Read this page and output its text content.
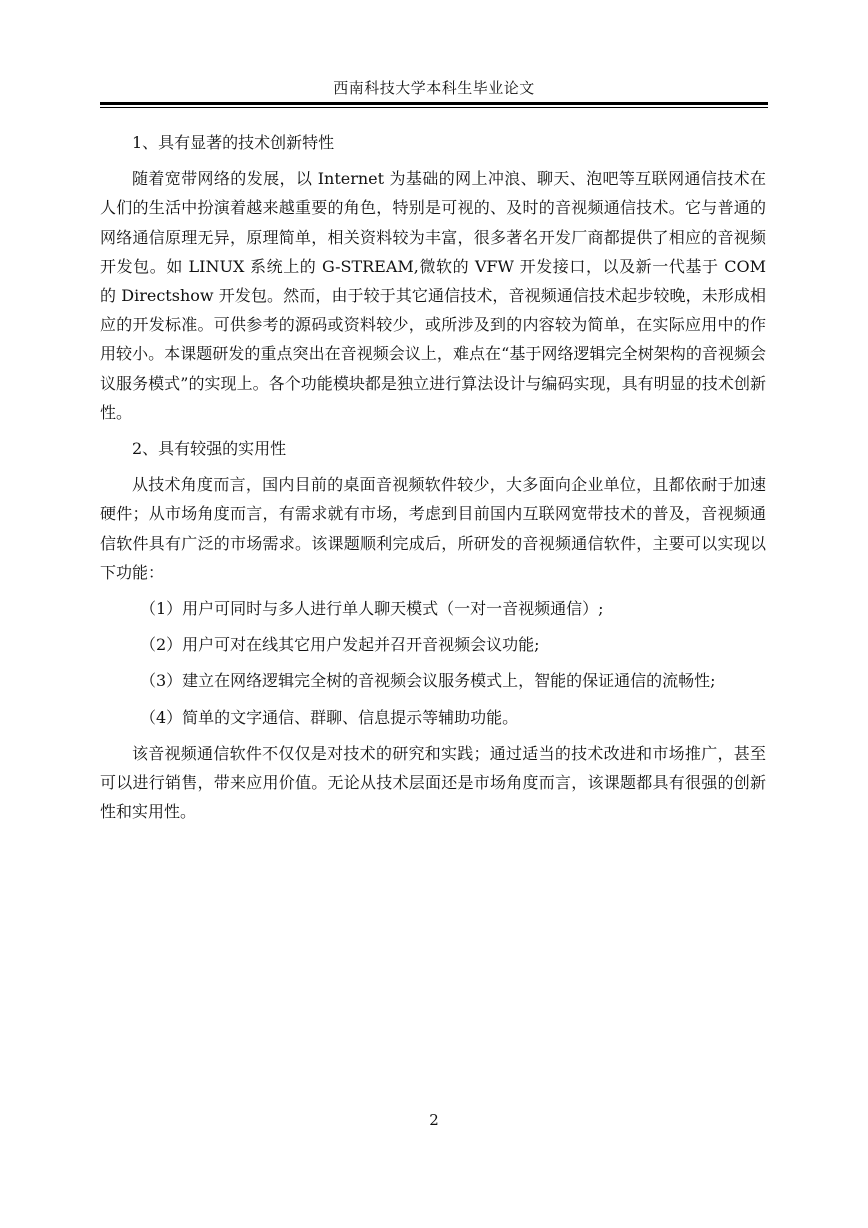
西南科技大学本科生毕业论文

1、具有显著的技术创新特性

随着宽带网络的发展，以 Internet 为基础的网上冲浪、聊天、泡吧等互联网通信技术在人们的生活中扮演着越来越重要的角色，特别是可视的、及时的音视频通信技术。它与普通的网络通信原理无异，原理简单，相关资料较为丰富，很多著名开发厂商都提供了相应的音视频开发包。如 LINUX 系统上的 G-STREAM,微软的 VFW 开发接口，以及新一代基于 COM 的 Directshow 开发包。然而，由于较于其它通信技术，音视频通信技术起步较晚，未形成相应的开发标准。可供参考的源码或资料较少，或所涉及到的内容较为简单，在实际应用中的作用较小。本课题研发的重点突出在音视频会议上，难点在“基于网络逻辑完全树架构的音视频会议服务模式”的实现上。各个功能模块都是独立进行算法设计与编码实现，具有明显的技术创新性。

2、具有较强的实用性

从技术角度而言，国内目前的桌面音视频软件较少，大多面向企业单位，且都依耐于加速硬件；从市场角度而言，有需求就有市场，考虑到目前国内互联网宽带技术的普及，音视频通信软件具有广泛的市场需求。该课题顺利完成后，所研发的音视频通信软件，主要可以实现以下功能：

（1）用户可同时与多人进行单人聊天模式（一对一音视频通信）;

（2）用户可对在线其它用户发起并召开音视频会议功能;

（3）建立在网络逻辑完全树的音视频会议服务模式上，智能的保证通信的流畅性;

（4）简单的文字通信、群聊、信息提示等辅助功能。

该音视频通信软件不仅仅是对技术的研究和实践；通过适当的技术改进和市场推广，甚至可以进行销售，带来应用价值。无论从技术层面还是市场角度而言，该课题都具有很强的创新性和实用性。

2
